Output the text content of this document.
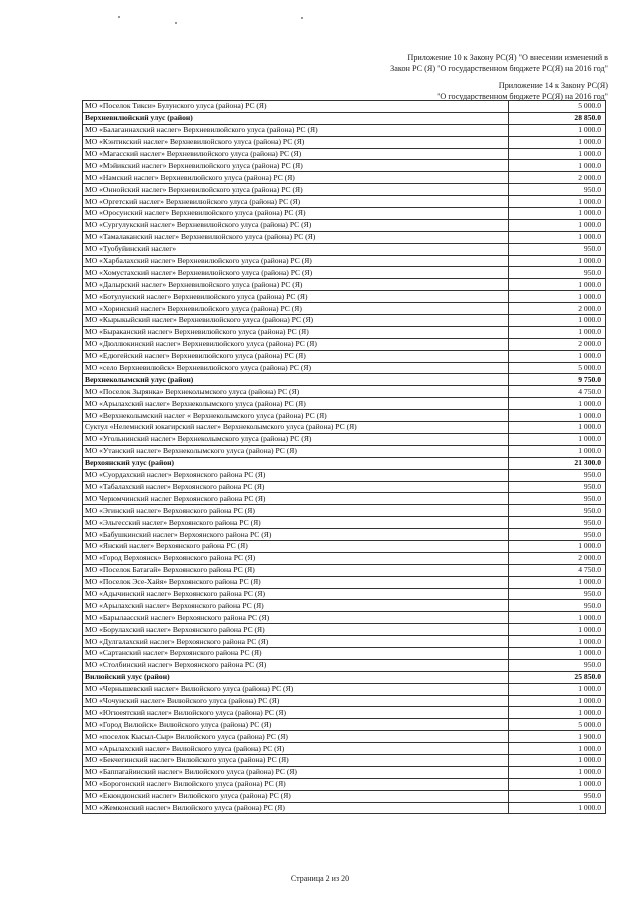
Приложение 10 к Закону РС(Я) "О внесении изменений в
Закон РС (Я) "О государственном бюджете РС(Я) на 2016 год"
Приложение 14 к Закону РС(Я)
"О государственном бюджете РС(Я) на 2016 год"
МО «Поселок Тикси» Булунского улуса (района) РС (Я)	5 000.0
Верхневилюйский улус (район)	28 850.0
МО «Балаганнахский наслег» Верхневилюйского улуса (района) РС (Я)	1 000.0
МО «Кэнтикский наслег» Верхневилюйского улуса (района) РС (Я)	1 000.0
МО «Магасский наслег» Верхневилюйского улуса (района) РС (Я)	1 000.0
МО «Мэйикский наслег» Верхневилюйского улуса (района) РС (Я)	1 000.0
МО «Намский наслег» Верхневилюйского улуса (района) РС (Я)	2 000.0
МО «Оннойский наслег» Верхневилюйского улуса (района) РС (Я)	950.0
МО «Оргетский наслег» Верхневилюйского улуса (района) РС (Я)	1 000.0
МО «Оросунский наслег» Верхневилюйского улуса (района) РС (Я)	1 000.0
МО «Сургулукский наслег» Верхневилюйского улуса (района) РС (Я)	1 000.0
МО «Тамалаканский наслег» Верхневилюйского улуса (района) РС (Я)	1 000.0
МО «Туобуйинский наслег»	950.0
МО «Харбалахский наслег» Верхневилюйского улуса (района) РС (Я)	1 000.0
МО «Хомустахский наслег» Верхневилюйского улуса (района) РС (Я)	950.0
МО «Далырский наслег» Верхневилюйского улуса (района) РС (Я)	1 000.0
МО «Ботулунский наслег» Верхневилюйского улуса (района) РС (Я)	1 000.0
МО «Хоринский наслег» Верхневилюйского улуса (района) РС (Я)	2 000.0
МО «Кырыкыйский наслег» Верхневилюйского улуса (района) РС (Я)	1 000.0
МО «Быраканский наслег» Верхневилюйского улуса (района) РС (Я)	1 000.0
МО «Дюллюкинский наслег» Верхневилюйского улуса (района) РС (Я)	2 000.0
МО «Едюгейский наслег» Верхневилюйского улуса (района) РС (Я)	1 000.0
МО «село Верхневилюйск» Верхневилюйского улуса (района) РС (Я)	5 000.0
Верхнеколымский улус (район)	9 750.0
МО «Поселок Зырянка» Верхнеколымского улуса (района) РС (Я)	4 750.0
МО «Арылахский наслег» Верхнеколымского улуса (района) РС (Я)	1 000.0
МО «Верхнеколымский наслег « Верхнеколымского улуса (района) РС (Я)	1 000.0
Суктул «Нелемнский юкагирский наслег» Верхнеколымского улуса (района) РС (Я)	1 000.0
МО «Угольнинский наслег» Верхнеколымского улуса (района) РС (Я)	1 000.0
МО «Утанский наслег» Верхнеколымского улуса (района) РС (Я)	1 000.0
Верхоянский улус (район)	21 300.0
МО «Суордахский наслег» Верхоянского района РС (Я)	950.0
МО «Табалахский наслег» Верхоянского района РС (Я)	950.0
МО Черюмчинский наслег Верхоянского района РС (Я)	950.0
МО «Эгинский наслег» Верхоянского района РС (Я)	950.0
МО «Эльгесский наслег» Верхоянского района РС (Я)	950.0
МО «Бабушкинский наслег» Верхоянского района РС (Я)	950.0
МО «Янский наслег» Верхоянского района РС (Я)	1 000.0
МО «Город Верхоянск» Верхоянского района РС (Я)	2 000.0
МО «Поселок Батагай» Верхоянского района РС (Я)	4 750.0
МО «Поселок Эсе-Хайя» Верхоянского района РС (Я)	1 000.0
МО «Адычинский наслег» Верхоянского района РС (Я)	950.0
МО «Арылахский наслег» Верхоянского района РС (Я)	950.0
МО «Барылаасский наслег» Верхоянского района РС (Я)	1 000.0
МО «Борулахский наслег» Верхоянского района РС (Я)	1 000.0
МО «Дулгалахский наслег» Верхоянского района РС (Я)	1 000.0
МО «Сартанский наслег» Верхоянского района РС (Я)	1 000.0
МО «Столбинский наслег» Верхоянского района РС (Я)	950.0
Вилюйский улус (район)	25 850.0
МО «Чернышевский наслег» Вилюйского улуса (района) РС (Я)	1 000.0
МО «Чочунский наслег» Вилюйского улуса (района) РС (Я)	1 000.0
МО «Югюеятский наслег» Вилюйского улуса (района) РС (Я)	1 000.0
МО «Город Вилюйск» Вилюйского улуса (района) РС (Я)	5 000.0
МО «поселок Кысыл-Сыр» Вилюйского улуса (района) РС (Я)	1 900.0
МО «Арылахский наслег» Вилюйского улуса (района) РС (Я)	1 000.0
МО «Бекчегинский наслег» Вилюйского улуса (района) РС (Я)	1 000.0
МО «Баппагайинский наслег» Вилюйского улуса (района) РС (Я)	1 000.0
МО «Борогонский наслег» Вилюйского улуса (района) РС (Я)	1 000.0
МО «Екюндюнский наслег» Вилюйского улуса (района) РС (Я)	950.0
МО «Жемконский наслег» Вилюйского улуса (района) РС (Я)	1 000.0
Страница 2 из 20
